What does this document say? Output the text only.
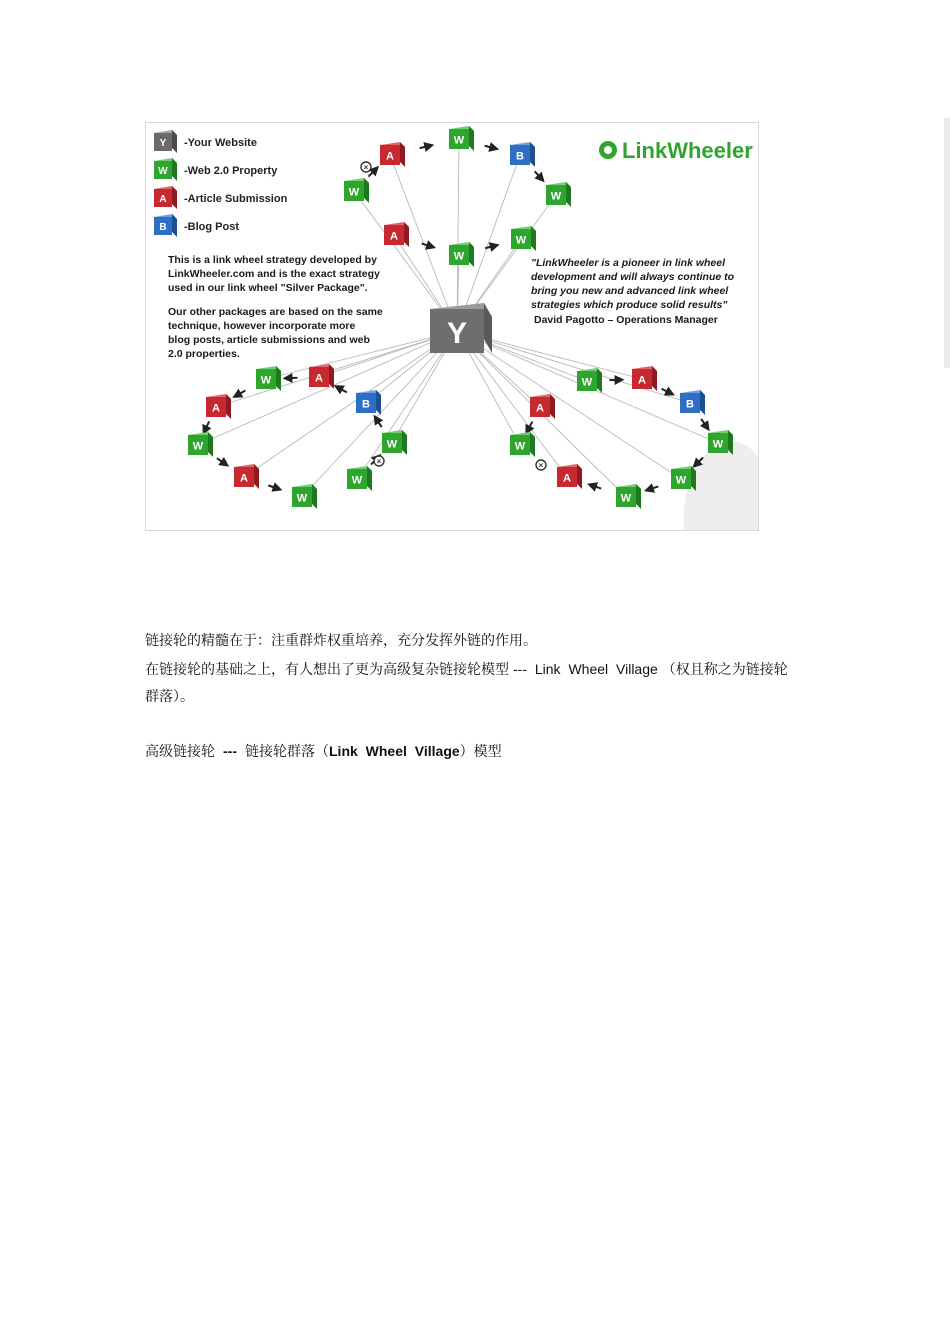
A
W
B
W	W
A	W
W
W	A
A	B
W	W
A	W
W
W	A
A	B
W	W
A	W
W
×
×	×
Y
Y -Your Website
W -Web 2.0 Property
A -Article Submission
B -Blog Post
LinkWheeler
This is a link wheel strategy developed by
LinkWheeler.com and is the exact strategy
used in our link wheel "Silver Package".
Our other packages are based on the same
technique, however incorporate more
blog posts, article submissions and web
2.0 properties.
"LinkWheeler is a pioneer in link wheel
development and will always continue to
bring you new and advanced link wheel
strategies which produce solid results"
David Pagotto – Operations Manager
链接轮的精髓在于：注重群炸权重培养，充分发挥外链的作用。
在链接轮的基础之上，有人想出了更为高级复杂链接轮模型 --- Link Wheel Village （权且称之为链接轮
群落）。
高级链接轮 --- 链接轮群落（Link Wheel Village）模型
